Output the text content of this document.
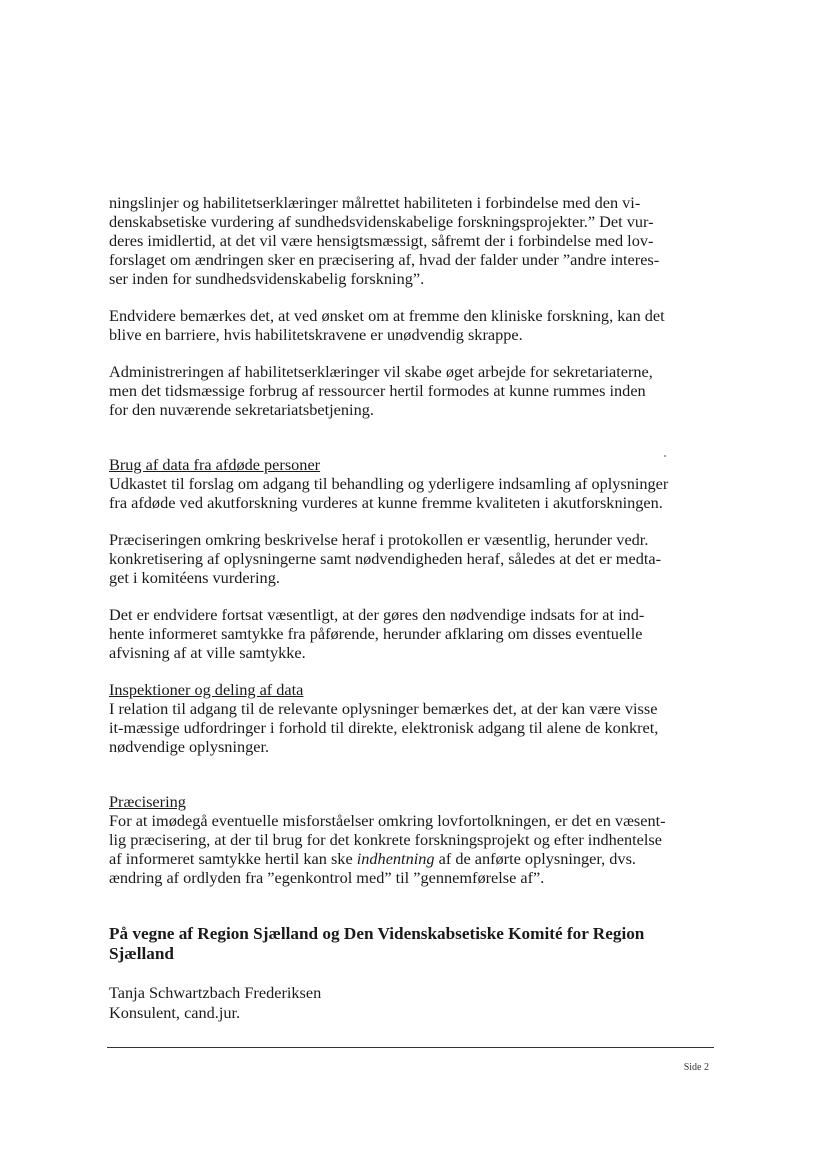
ningslinjer og habilitetserklæringer målrettet habiliteten i forbindelse med den vi-
denskabsetiske vurdering af sundhedsvidenskabelige forskningsprojekter.” Det vur-
deres imidlertid, at det vil være hensigtsmæssigt, såfremt der i forbindelse med lov-
forslaget om ændringen sker en præcisering af, hvad der falder under ”andre interes-
ser inden for sundhedsvidenskabelig forskning”.

Endvidere bemærkes det, at ved ønsket om at fremme den kliniske forskning, kan det
blive en barriere, hvis habilitetskravene er unødvendig skrappe.

Administreringen af habilitetserklæringer vil skabe øget arbejde for sekretariaterne,
men det tidsmæssige forbrug af ressourcer hertil formodes at kunne rummes inden
for den nuværende sekretariatsbetjening.

Brug af data fra afdøde personer

Udkastet til forslag om adgang til behandling og yderligere indsamling af oplysninger
fra afdøde ved akutforskning vurderes at kunne fremme kvaliteten i akutforskningen.

Præciseringen omkring beskrivelse heraf i protokollen er væsentlig, herunder vedr.
konkretisering af oplysningerne samt nødvendigheden heraf, således at det er medta-
get i komitéens vurdering.

Det er endvidere fortsat væsentligt, at der gøres den nødvendige indsats for at ind-
hente informeret samtykke fra påførende, herunder afklaring om disses eventuelle
afvisning af at ville samtykke.

Inspektioner og deling af data

I relation til adgang til de relevante oplysninger bemærkes det, at der kan være visse
it-mæssige udfordringer i forhold til direkte, elektronisk adgang til alene de konkret,
nødvendige oplysninger.

Præcisering

For at imødegå eventuelle misforståelser omkring lovfortolkningen, er det en væsent-
lig præcisering, at der til brug for det konkrete forskningsprojekt og efter indhentelse
af informeret samtykke hertil kan ske indhentning af de anførte oplysninger, dvs.
ændring af ordlyden fra ”egenkontrol med” til ”gennemførelse af”.

På vegne af Region Sjælland og Den Videnskabsetiske Komité for Region
Sjælland

Tanja Schwartzbach Frederiksen

Konsulent, cand.jur.

Side 2
